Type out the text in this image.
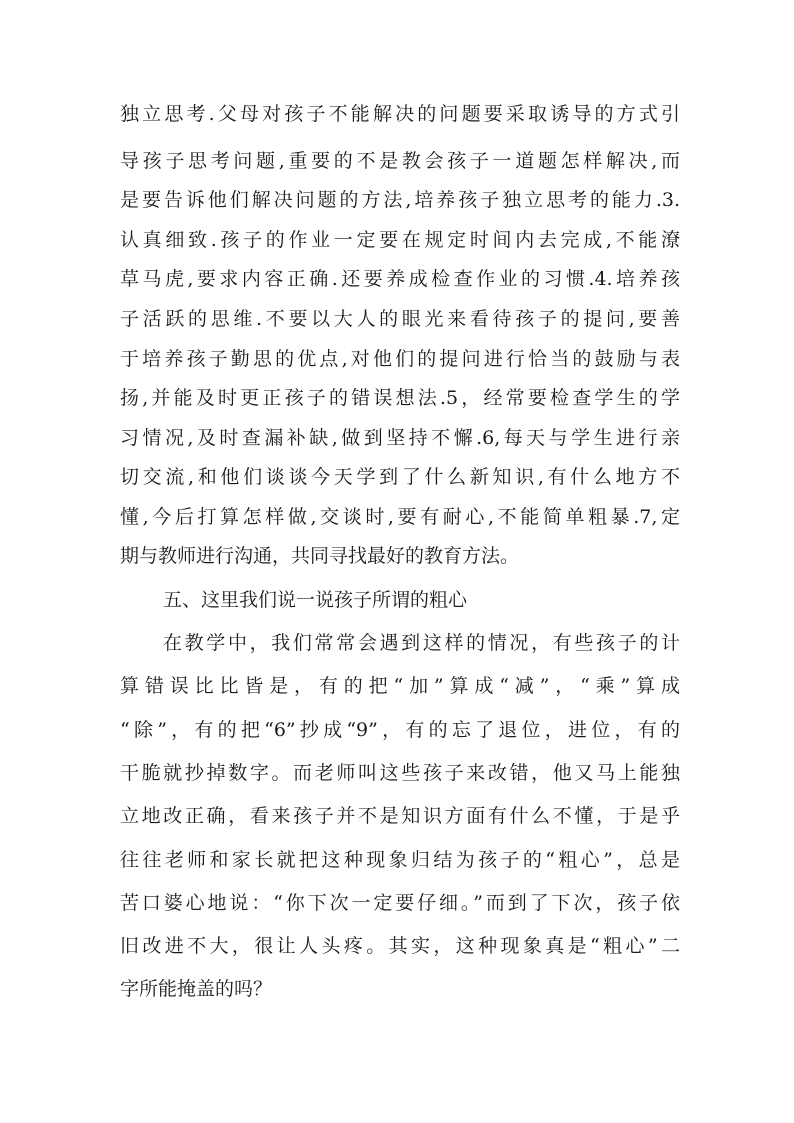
独立思考.父母对孩子不能解决的问题要采取诱导的方式引
导孩子思考问题,重要的不是教会孩子一道题怎样解决,而
是要告诉他们解决问题的方法,培养孩子独立思考的能力.3.
认真细致.孩子的作业一定要在规定时间内去完成,不能潦
草马虎,要求内容正确.还要养成检查作业的习惯.4.培养孩
子活跃的思维.不要以大人的眼光来看待孩子的提问,要善
于培养孩子勤思的优点,对他们的提问进行恰当的鼓励与表
扬,并能及时更正孩子的错误想法.5，经常要检查学生的学
习情况,及时查漏补缺,做到坚持不懈.6,每天与学生进行亲
切交流,和他们谈谈今天学到了什么新知识,有什么地方不
懂,今后打算怎样做,交谈时,要有耐心,不能简单粗暴.7,定
期与教师进行沟通，共同寻找最好的教育方法。
五、这里我们说一说孩子所谓的粗心
在教学中，我们常常会遇到这样的情况，有些孩子的计
算错误比比皆是，有的把“加”算成“减”，“乘”算成
“除”，有的把“6”抄成“9”，有的忘了退位，进位，有的
干脆就抄掉数字。而老师叫这些孩子来改错，他又马上能独
立地改正确，看来孩子并不是知识方面有什么不懂，于是乎
往往老师和家长就把这种现象归结为孩子的“粗心”，总是
苦口婆心地说：“你下次一定要仔细。”而到了下次，孩子依
旧改进不大，很让人头疼。其实，这种现象真是“粗心”二
字所能掩盖的吗？
